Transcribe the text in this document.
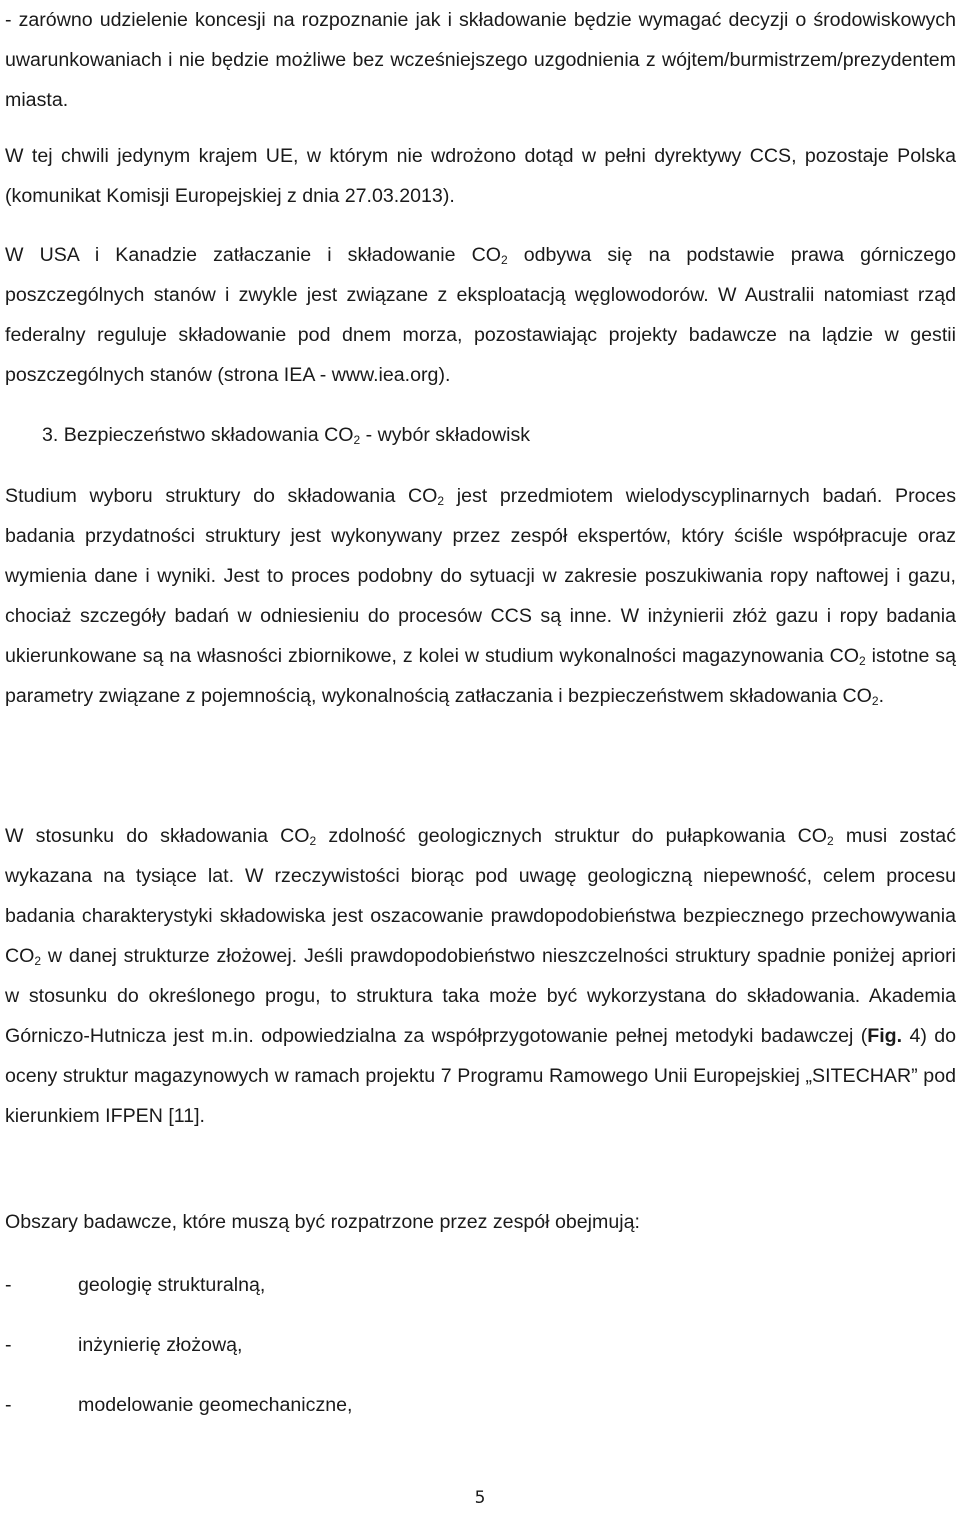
- zarówno udzielenie koncesji na rozpoznanie jak i składowanie będzie wymagać decyzji o środowiskowych uwarunkowaniach i nie będzie możliwe bez wcześniejszego uzgodnienia z wójtem/burmistrzem/prezydentem miasta.

W tej chwili jedynym krajem UE, w którym nie wdrożono dotąd w pełni dyrektywy CCS, pozostaje Polska (komunikat Komisji Europejskiej z dnia 27.03.2013).

W USA i Kanadzie zatłaczanie i składowanie $CO_2$ odbywa się na podstawie prawa górniczego poszczególnych stanów i zwykle jest związane z eksploatacją węglowodorów. W Australii natomiast rząd federalny reguluje składowanie pod dnem morza, pozostawiając projekty badawcze na lądzie w gestii poszczególnych stanów (strona IEA - www.iea.org).

3. Bezpieczeństwo składowania $CO_2$ - wybór składowisk

Studium wyboru struktury do składowania $CO_2$ jest przedmiotem wielodyscyplinarnych badań. Proces badania przydatności struktury jest wykonywany przez zespół ekspertów, który ściśle współpracuje oraz wymienia dane i wyniki. Jest to proces podobny do sytuacji w zakresie poszukiwania ropy naftowej i gazu, chociaż szczegóły badań w odniesieniu do procesów CCS są inne. W inżynierii złóż gazu i ropy badania ukierunkowane są na własności zbiornikowe, z kolei w studium wykonalności magazynowania $CO_2$ istotne są parametry związane z pojemnością, wykonalnością zatłaczania i bezpieczeństwem składowania $CO_2$.

W stosunku do składowania $CO_2$ zdolność geologicznych struktur do pułapkowania $CO_2$ musi zostać wykazana na tysiące lat. W rzeczywistości biorąc pod uwagę geologiczną niepewność, celem procesu badania charakterystyki składowiska jest oszacowanie prawdopodobieństwa bezpiecznego przechowywania $CO_2$ w danej strukturze złożowej. Jeśli prawdopodobieństwo nieszczelności struktury spadnie poniżej apriori w stosunku do określonego progu, to struktura taka może być wykorzystana do składowania. Akademia Górniczo-Hutnicza jest m.in. odpowiedzialna za współprzygotowanie pełnej metodyki badawczej (Fig. 4) do oceny struktur magazynowych w ramach projektu 7 Programu Ramowego Unii Europejskiej „SITECHAR” pod kierunkiem IFPEN [11].

Obszary badawcze, które muszą być rozpatrzone przez zespół obejmują:

-	geologię strukturalną,
-	inżynierię złożową,
-	modelowanie geomechaniczne,
5
